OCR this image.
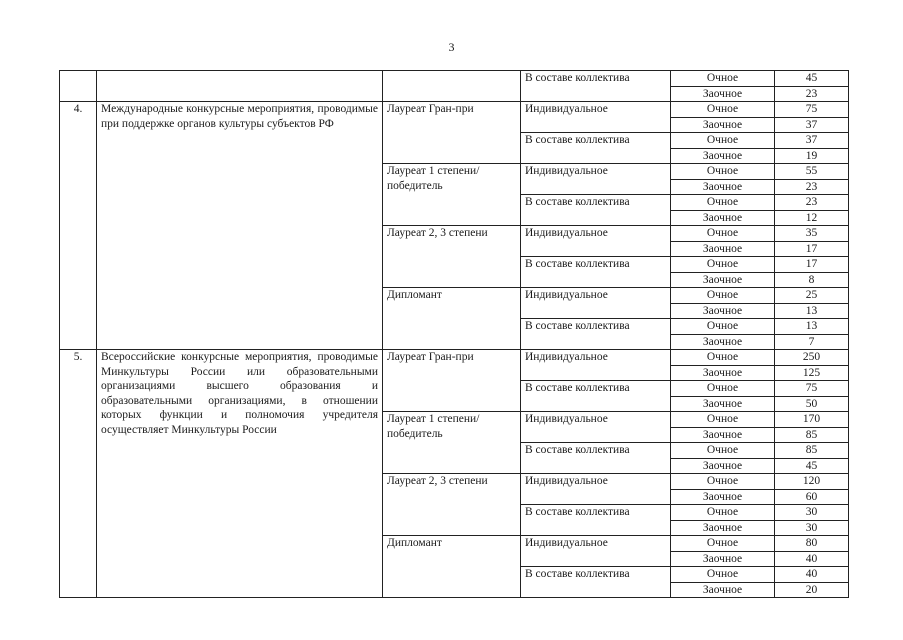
3
			В составе коллектива	Очное	45
				Заочное	23
4.	Международные конкурсные мероприятия, проводимые при поддержке органов культуры субъектов РФ	Лауреат Гран-при	Индивидуальное	Очное	75
				Заочное	37
			В составе коллектива	Очное	37
				Заочное	19
		Лауреат 1 степени/ победитель	Индивидуальное	Очное	55
				Заочное	23
			В составе коллектива	Очное	23
				Заочное	12
		Лауреат 2, 3 степени	Индивидуальное	Очное	35
				Заочное	17
			В составе коллектива	Очное	17
				Заочное	8
		Дипломант	Индивидуальное	Очное	25
				Заочное	13
			В составе коллектива	Очное	13
				Заочное	7
5.	Всероссийские конкурсные мероприятия, проводимые Минкультуры России или образовательными организациями высшего образования и образовательными организациями, в отношении которых функции и полномочия учредителя осуществляет Минкультуры России	Лауреат Гран-при	Индивидуальное	Очное	250
				Заочное	125
			В составе коллектива	Очное	75
				Заочное	50
		Лауреат 1 степени/ победитель	Индивидуальное	Очное	170
				Заочное	85
			В составе коллектива	Очное	85
				Заочное	45
		Лауреат 2, 3 степени	Индивидуальное	Очное	120
				Заочное	60
			В составе коллектива	Очное	30
				Заочное	30
		Дипломант	Индивидуальное	Очное	80
				Заочное	40
			В составе коллектива	Очное	40
				Заочное	20
